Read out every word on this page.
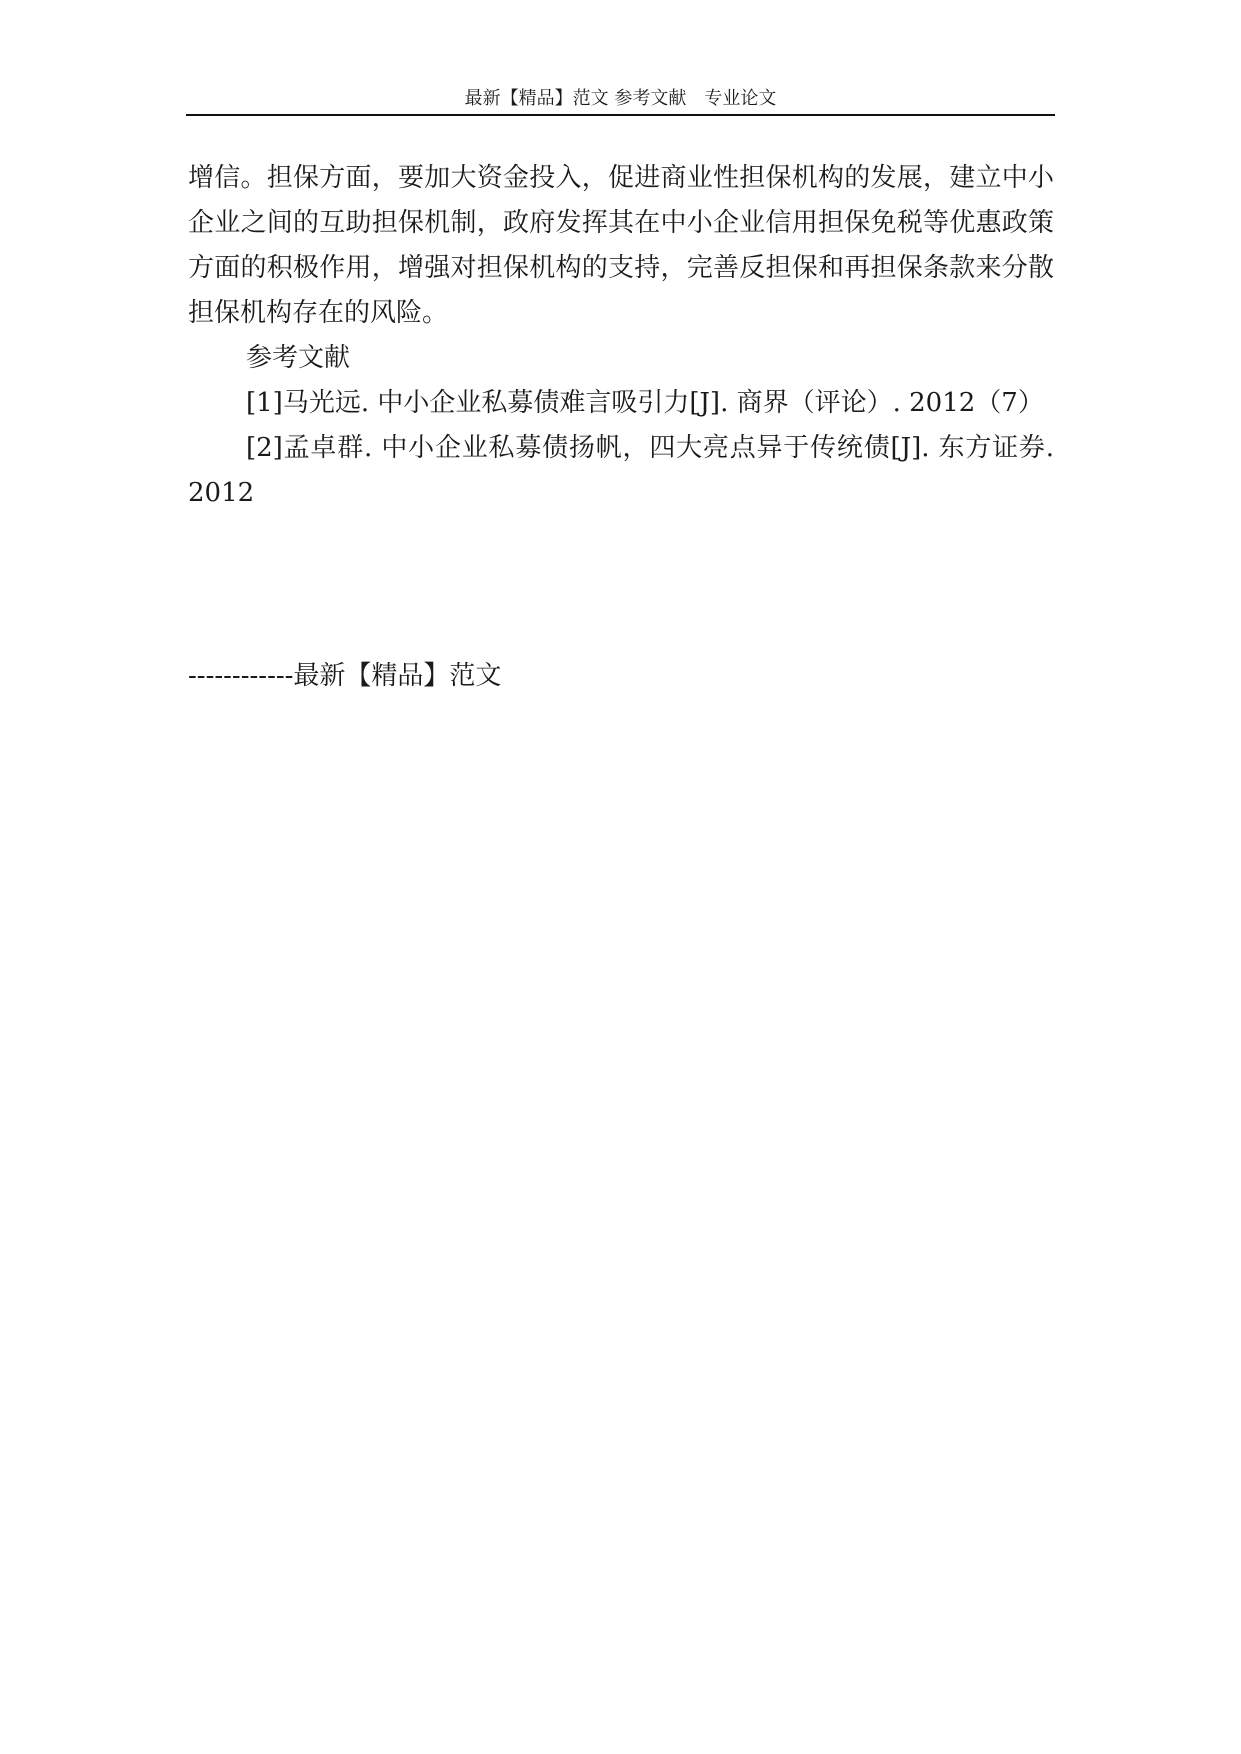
最新【精品】范文 参考文献　专业论文

增信。担保方面，要加大资金投入，促进商业性担保机构的发展，建立中小企业之间的互助担保机制，政府发挥其在中小企业信用担保免税等优惠政策方面的积极作用，增强对担保机构的支持，完善反担保和再担保条款来分散担保机构存在的风险。

参考文献

[1]马光远. 中小企业私募债难言吸引力[J]. 商界（评论）. 2012（7）

[2]孟卓群. 中小企业私募债扬帆，四大亮点异于传统债[J]. 东方证券. 2012

------------最新【精品】范文
